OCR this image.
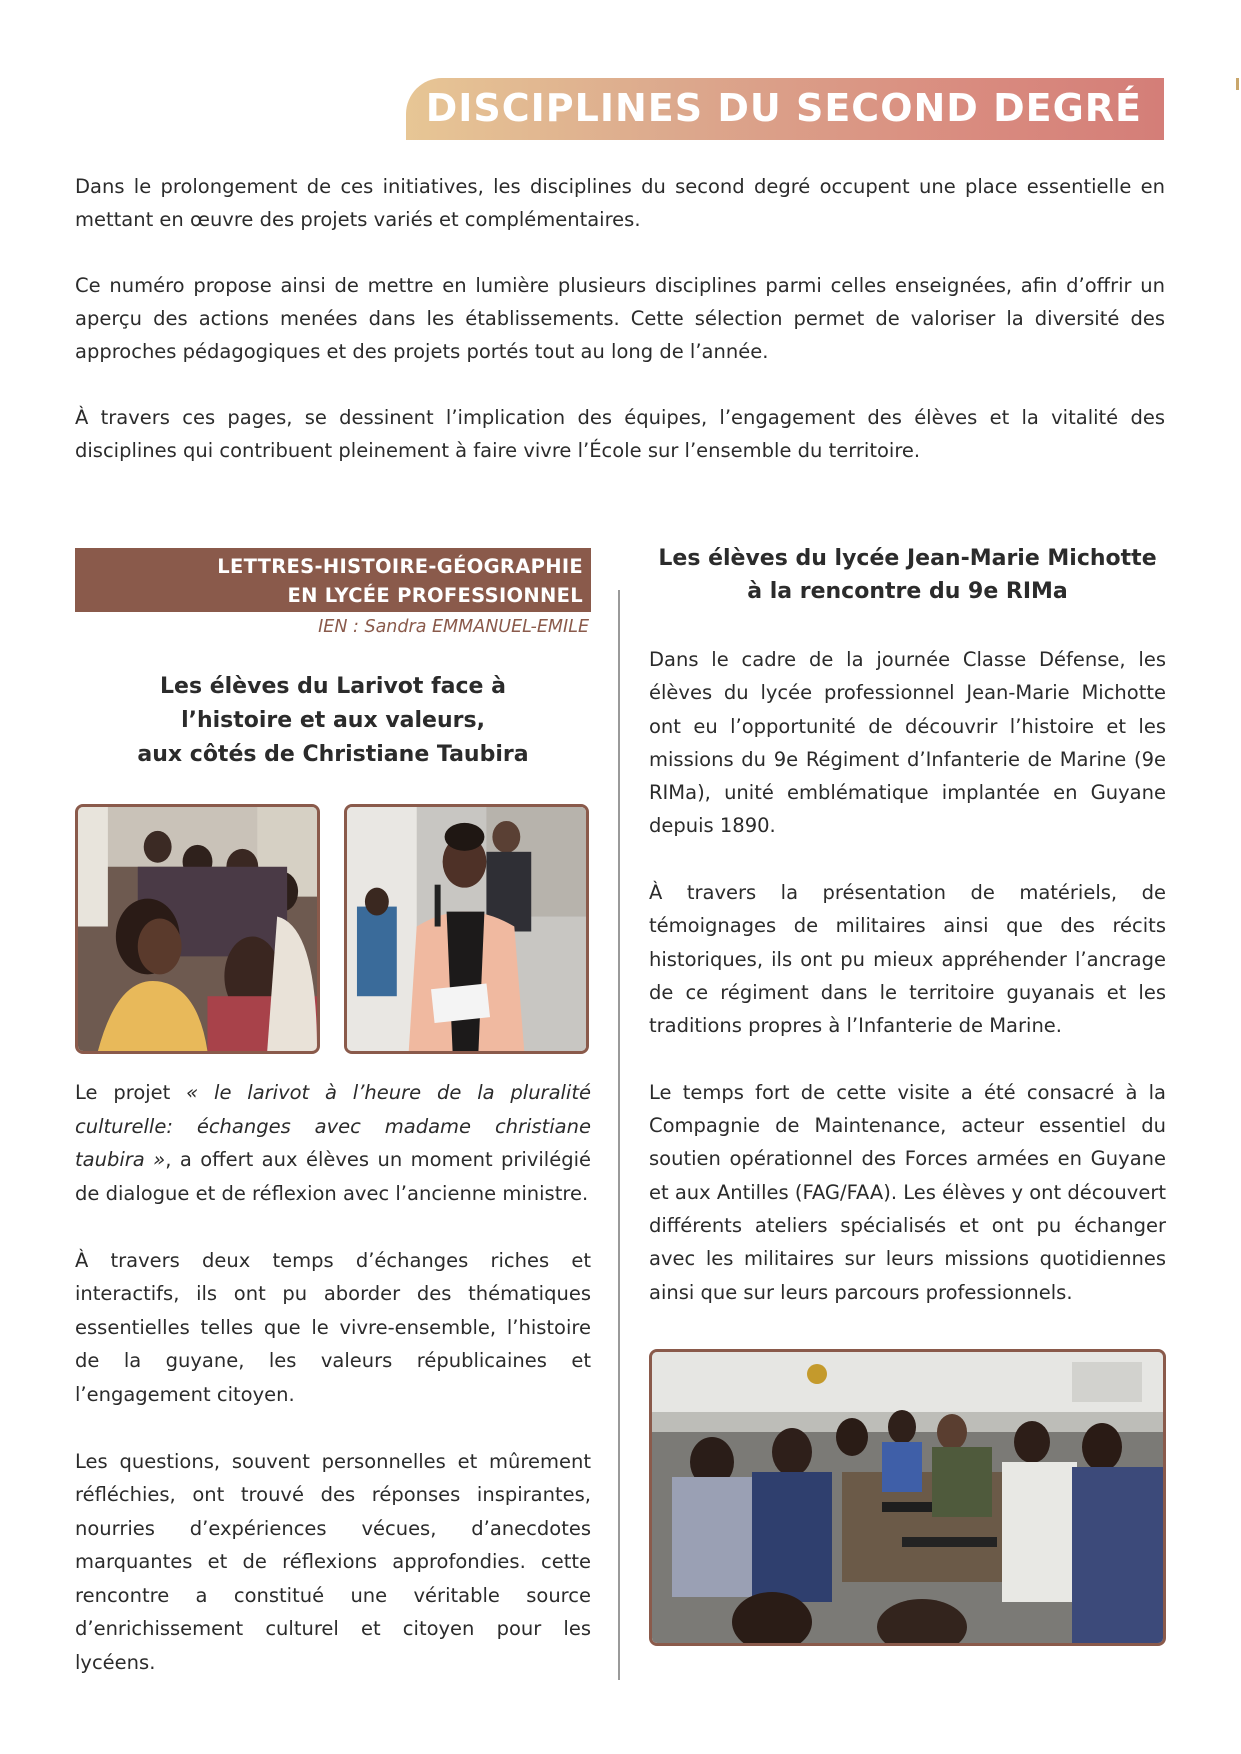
DISCIPLINES DU SECOND DEGRÉ

Dans le prolongement de ces initiatives, les disciplines du second degré occupent une place essentielle en mettant en œuvre des projets variés et complémentaires.

Ce numéro propose ainsi de mettre en lumière plusieurs disciplines parmi celles enseignées, afin d’offrir un aperçu des actions menées dans les établissements. Cette sélection permet de valoriser la diversité des approches pédagogiques et des projets portés tout au long de l’année.

À travers ces pages, se dessinent l’implication des équipes, l’engagement des élèves et la vitalité des disciplines qui contribuent pleinement à faire vivre l’École sur l’ensemble du territoire.

LETTRES-HISTOIRE-GÉOGRAPHIE
EN LYCÉE PROFESSIONNEL
IEN : Sandra EMMANUEL-EMILE
Les élèves du Larivot face à
l’histoire et aux valeurs,
aux côtés de Christiane Taubira

Le projet « le larivot à l’heure de la pluralité culturelle: échanges avec madame christiane taubira », a offert aux élèves un moment privilégié de dialogue et de réflexion avec l’ancienne ministre.

À travers deux temps d’échanges riches et interactifs, ils ont pu aborder des thématiques essentielles telles que le vivre-ensemble, l’histoire de la guyane, les valeurs républicaines et l’engagement citoyen.

Les questions, souvent personnelles et mûrement réfléchies, ont trouvé des réponses inspirantes, nourries d’expériences vécues, d’anecdotes marquantes et de réflexions approfondies. cette rencontre a constitué une véritable source d’enrichissement culturel et citoyen pour les lycéens.

Les élèves du lycée Jean-Marie Michotte
à la rencontre du 9e RIMa

Dans le cadre de la journée Classe Défense, les élèves du lycée professionnel Jean-Marie Michotte ont eu l’opportunité de découvrir l’histoire et les missions du 9e Régiment d’Infanterie de Marine (9e RIMa), unité emblématique implantée en Guyane depuis 1890.

À travers la présentation de matériels, de témoignages de militaires ainsi que des récits historiques, ils ont pu mieux appréhender l’ancrage de ce régiment dans le territoire guyanais et les traditions propres à l’Infanterie de Marine.

Le temps fort de cette visite a été consacré à la Compagnie de Maintenance, acteur essentiel du soutien opérationnel des Forces armées en Guyane et aux Antilles (FAG/FAA). Les élèves y ont découvert différents ateliers spécialisés et ont pu échanger avec les militaires sur leurs missions quotidiennes ainsi que sur leurs parcours professionnels.
